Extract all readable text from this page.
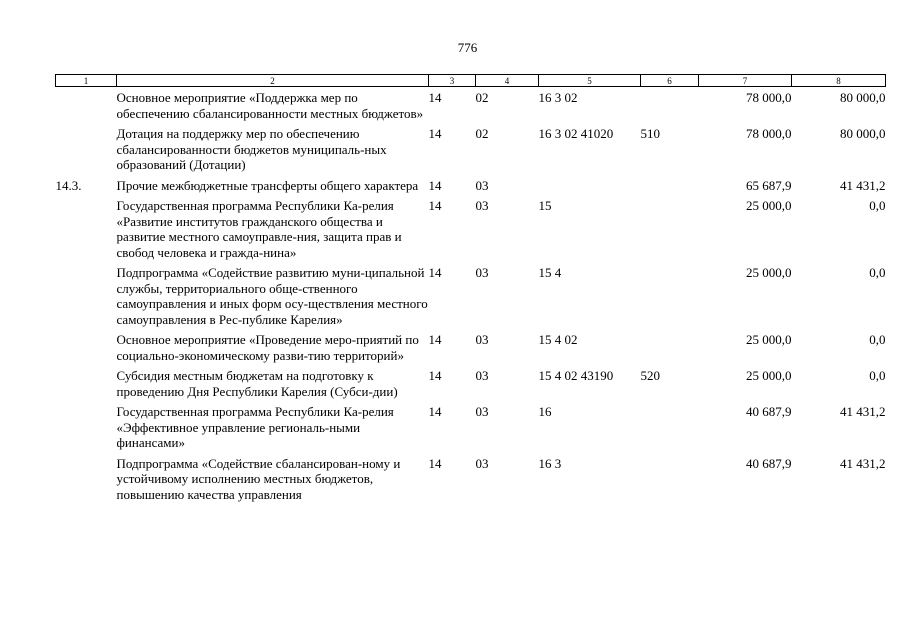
776
1	2	3	4	5	6	7	8
	Основное мероприятие «Поддержка мер по обеспечению сбалансированности местных бюджетов»	14	02	16 3 02		78 000,0	80 000,0
	Дотация на поддержку мер по обеспечению сбалансированности бюджетов муниципаль-ных образований (Дотации)	14	02	16 3 02 41020	510	78 000,0	80 000,0
14.3.	Прочие межбюджетные трансферты общего характера	14	03			65 687,9	41 431,2
	Государственная программа Республики Ка-релия «Развитие институтов гражданского общества и развитие местного самоуправле-ния, защита прав и свобод человека и гражда-нина»	14	03	15		25 000,0	0,0
	Подпрограмма «Содействие развитию муни-ципальной службы, территориального обще-ственного самоуправления и иных форм осу-ществления местного самоуправления в Рес-публике Карелия»	14	03	15 4		25 000,0	0,0
	Основное мероприятие «Проведение меро-приятий по социально-экономическому разви-тию территорий»	14	03	15 4 02		25 000,0	0,0
	Субсидия местным бюджетам на подготовку к проведению Дня Республики Карелия (Субси-дии)	14	03	15 4 02 43190	520	25 000,0	0,0
	Государственная программа Республики Ка-релия «Эффективное управление региональ-ными финансами»	14	03	16		40 687,9	41 431,2
	Подпрограмма «Содействие сбалансирован-ному и устойчивому исполнению местных бюджетов, повышению качества управления	14	03	16 3		40 687,9	41 431,2
